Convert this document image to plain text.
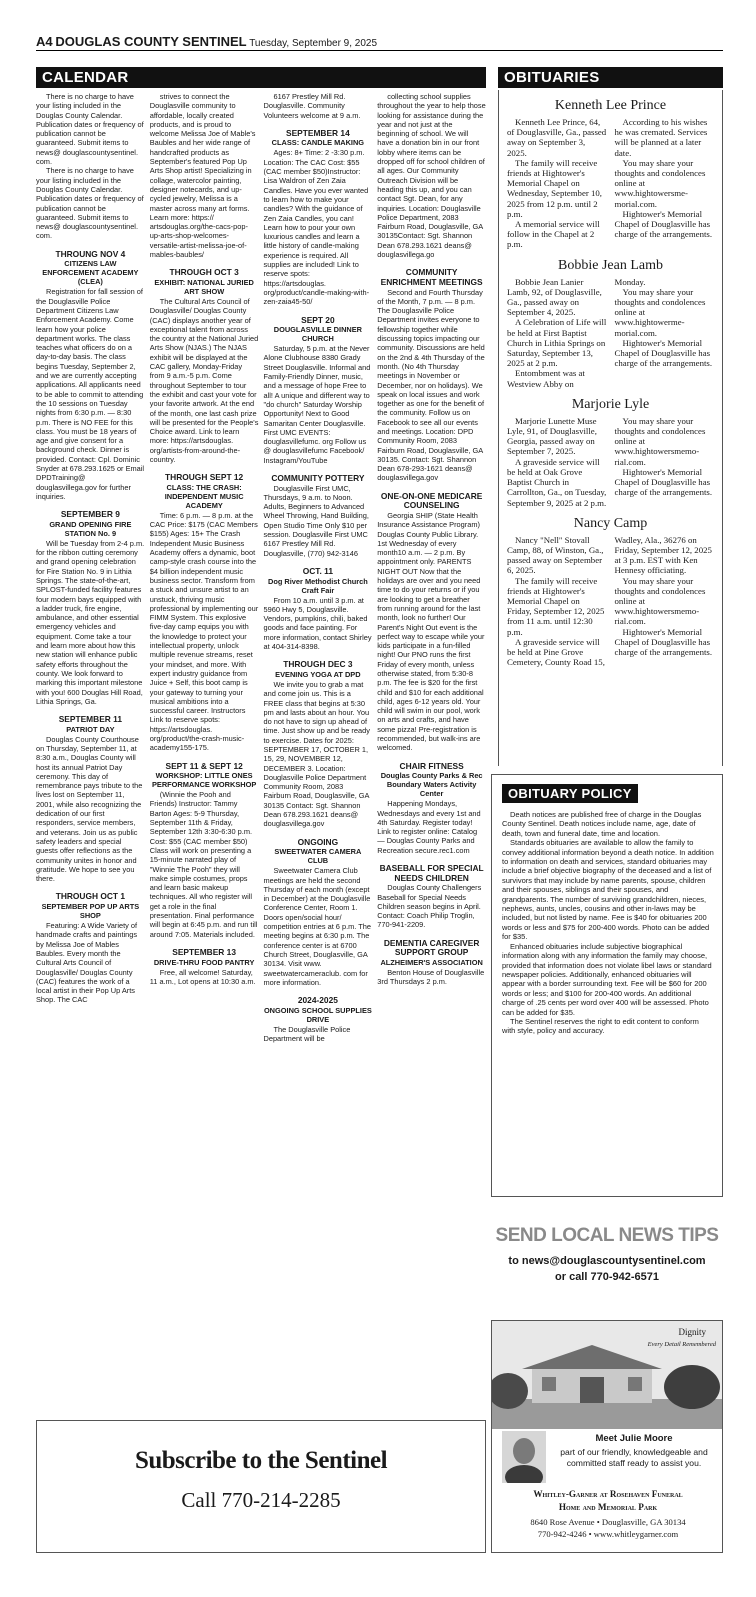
A4 DOUGLAS COUNTY SENTINEL Tuesday, September 9, 2025
CALENDAR

There is no charge to have your listing included in the Douglas County Calendar. Publication dates or frequency of publication cannot be guaranteed. Submit items to news@ douglascountysentinel. com.

There is no charge to have your listing included in the Douglas County Calendar. Publication dates or frequency of publication cannot be guaranteed. Submit items to news@ douglascountysentinel. com.

THROUNG NOV 4
CITIZENS LAW ENFORCEMENT ACADEMY (CLEA)

Registration for fall session of the Douglasville Police Department Citizens Law Enforcement Academy. Come learn how your police department works. The class teaches what officers do on a day-to-day basis. The class begins Tuesday, September 2, and we are currently accepting applications. All applicants need to be able to commit to attending the 10 sessions on Tuesday nights from 6:30 p.m. — 8:30 p.m. There is NO FEE for this class. You must be 18 years of age and give consent for a background check. Dinner is provided. Contact: Cpl. Dominic Snyder at 678.293.1625 or Email DPDTraining@ douglasvillega.gov for further inquiries.

SEPTEMBER 9
GRAND OPENING FIRE STATION No. 9

Will be Tuesday from 2-4 p.m. for the ribbon cutting ceremony and grand opening celebration for Fire Station No. 9 in Lithia Springs. The state-of-the-art, SPLOST-funded facility features four modern bays equipped with a ladder truck, fire engine, ambulance, and other essential emergency vehicles and equipment. Come take a tour and learn more about how this new station will enhance public safety efforts throughout the county. We look forward to marking this important milestone with you! 600 Douglas Hill Road, Lithia Springs, Ga.

SEPTEMBER 11
PATRIOT DAY

Douglas County Courthouse on Thursday, September 11, at 8:30 a.m., Douglas County will host its annual Patriot Day ceremony. This day of remembrance pays tribute to the lives lost on September 11, 2001, while also recognizing the dedication of our first responders, service members, and veterans. Join us as public safety leaders and special guests offer reflections as the community unites in honor and gratitude. We hope to see you there.

THROUGH OCT 1
SEPTEMBER POP UP ARTS SHOP

Featuring: A Wide Variety of handmade crafts and paintings by Melissa Joe of Mables Baubles. Every month the Cultural Arts Council of Douglasville/ Douglas County (CAC) features the work of a local artist in their Pop Up Arts Shop. The CAC

strives to connect the Douglasville community to affordable, locally created products, and is proud to welcome Melissa Joe of Mable's Baubles and her wide range of handcrafted products as September's featured Pop Up Arts Shop artist! Specializing in collage, watercolor painting, designer notecards, and up-cycled jewelry, Melissa is a master across many art forms. Learn more: https:// artsdouglas.org/the-cacs-pop-up-arts-shop-welcomes-versatile-artist-melissa-joe-of-mables-baubles/

THROUGH OCT 3
EXHIBIT: NATIONAL JURIED ART SHOW

The Cultural Arts Council of Douglasville/ Douglas County (CAC) displays another year of exceptional talent from across the country at the National Juried Arts Show (NJAS.) The NJAS exhibit will be displayed at the CAC gallery, Monday-Friday from 9 a.m.-5 p.m. Come throughout September to tour the exhibit and cast your vote for your favorite artwork. At the end of the month, one last cash prize will be presented for the People's Choice award. Link to learn more: https://artsdouglas. org/artists-from-around-the-country.

THROUGH SEPT 12
CLASS: THE CRASH: INDEPENDENT MUSIC ACADEMY

Time: 6 p.m. — 8 p.m. at the CAC Price: $175 (CAC Members $155) Ages: 15+ The Crash Independent Music Business Academy offers a dynamic, boot camp-style crash course into the $4 billion independent music business sector. Transform from a stuck and unsure artist to an unstuck, thriving music professional by implementing our FIMM System. This explosive five-day camp equips you with the knowledge to protect your intellectual property, unlock multiple revenue streams, reset your mindset, and more. With expert industry guidance from Juice + Self, this boot camp is your gateway to turning your musical ambitions into a successful career. Instructors Link to reserve spots: https://artsdouglas. org/product/the-crash-music-academy155-175.

SEPT 11 & SEPT 12
WORKSHOP: LITTLE ONES PERFORMANCE WORKSHOP

(Winnie the Pooh and Friends) Instructor: Tammy Barton Ages: 5-9 Thursday, September 11th & Friday, September 12th 3:30-6:30 p.m. Cost: $55 (CAC member $50) Class will work on presenting a 15-minute narrated play of "Winnie The Pooh" they will make simple costumes, props and learn basic makeup techniques. All who register will get a role in the final presentation. Final performance will begin at 6:45 p.m. and run till around 7:05. Materials included.

SEPTEMBER 13
DRIVE-THRU FOOD PANTRY

Free, all welcome! Saturday, 11 a.m., Lot opens at 10:30 a.m.

6167 Prestley Mill Rd. Douglasville. Community Volunteers welcome at 9 a.m.

SEPTEMBER 14
CLASS: CANDLE MAKING

Ages: 8+ Time: 2 -3:30 p.m. Location: The CAC Cost: $55 (CAC member $50)Instructor: Lisa Waldron of Zen Zaia Candles. Have you ever wanted to learn how to make your candles? With the guidance of Zen Zaia Candles, you can! Learn how to pour your own luxurious candles and learn a little history of candle-making experience is required. All supplies are included! Link to reserve spots: https://artsdouglas. org/product/candle-making-with-zen-zaia45-50/

SEPT 20
DOUGLASVILLE DINNER CHURCH

Saturday, 5 p.m. at the Never Alone Clubhouse 8380 Grady Street Douglasville. Informal and Family-Friendly Dinner, music, and a message of hope Free to all! A unique and different way to "do church" Saturday Worship Opportunity! Next to Good Samaritan Center Douglasville. First UMC EVENTS: douglasvillefumc. org Follow us @ douglasvillefumc Facebook/ Instagram/YouTube

COMMUNITY POTTERY

Douglasville First UMC, Thursdays, 9 a.m. to Noon. Adults, Beginners to Advanced Wheel Throwing, Hand Building, Open Studio Time Only $10 per session. Douglasville First UMC 6167 Prestley Mill Rd. Douglasville, (770) 942-3146

OCT. 11
Dog River Methodist Church Craft Fair

From 10 a.m. until 3 p.m. at 5960 Hwy 5, Douglasville. Vendors, pumpkins, chili, baked goods and face painting. For more information, contact Shirley at 404-314-8398.

THROUGH DEC 3
EVENING YOGA AT DPD

We invite you to grab a mat and come join us. This is a FREE class that begins at 5:30 pm and lasts about an hour. You do not have to sign up ahead of time. Just show up and be ready to exercise. Dates for 2025: SEPTEMBER 17, OCTOBER 1, 15, 29, NOVEMBER 12, DECEMBER 3. Location: Douglasville Police Department Community Room, 2083 Fairburn Road, Douglasville, GA 30135 Contact: Sgt. Shannon Dean 678.293.1621 deans@ douglasvillega.gov

ONGOING
SWEETWATER CAMERA CLUB

Sweetwater Camera Club meetings are held the second Thursday of each month (except in December) at the Douglasville Conference Center, Room 1. Doors open/social hour/ competition entries at 6 p.m. The meeting begins at 6:30 p.m. The conference center is at 6700 Church Street, Douglasville, GA 30134. Visit www. sweetwatercameraclub. com for more information.

2024-2025
ONGOING SCHOOL SUPPLIES DRIVE

The Douglasville Police Department will be

collecting school supplies throughout the year to help those looking for assistance during the year and not just at the beginning of school. We will have a donation bin in our front lobby where items can be dropped off for school children of all ages. Our Community Outreach Division will be heading this up, and you can contact Sgt. Dean, for any inquiries. Location: Douglasville Police Department, 2083 Fairburn Road, Douglasville, GA 30135Contact: Sgt. Shannon Dean 678.293.1621 deans@ douglasvillega.go

COMMUNITY ENRICHMENT MEETINGS

Second and Fourth Thursday of the Month, 7 p.m. — 8 p.m. The Douglasville Police Department invites everyone to fellowship together while discussing topics impacting our community. Discussions are held on the 2nd & 4th Thursday of the month. (No 4th Thursday meetings in November or December, nor on holidays). We speak on local issues and work together as one for the benefit of the community. Follow us on Facebook to see all our events and meetings. Location: DPD Community Room, 2083 Fairburn Road, Douglasville, GA 30135. Contact: Sgt. Shannon Dean 678-293-1621 deans@ douglasvillega.gov

ONE-ON-ONE MEDICARE COUNSELING

Georgia SHIP (State Health Insurance Assistance Program) Douglas County Public Library. 1st Wednesday of every month10 a.m. — 2 p.m. By appointment only. PARENTS NIGHT OUT Now that the holidays are over and you need time to do your returns or if you are looking to get a breather from running around for the last month, look no further! Our Parent's Night Out event is the perfect way to escape while your kids participate in a fun-filled night! Our PNO runs the first Friday of every month, unless otherwise stated, from 5:30-8 p.m. The fee is $20 for the first child and $10 for each additional child, ages 6-12 years old. Your child will swim in our pool, work on arts and crafts, and have some pizza! Pre-registration is recommended, but walk-ins are welcomed.

CHAIR FITNESS
Douglas County Parks & Rec Boundary Waters Activity Center

Happening Mondays, Wednesdays and every 1st and 4th Saturday. Register today! Link to register online: Catalog — Douglas County Parks and Recreation secure.rec1.com

BASEBALL FOR SPECIAL NEEDS CHILDREN

Douglas County Challengers Baseball for Special Needs Children season begins in April. Contact: Coach Philip Troglin, 770-941-2209.

DEMENTIA CAREGIVER SUPPORT GROUP
ALZHEIMER'S ASSOCIATION

Benton House of Douglasville 3rd Thursdays 2 p.m.

OBITUARIES
Kenneth Lee Prince

Kenneth Lee Prince, 64, of Douglasville, Ga., passed away on September 3, 2025.

The family will receive friends at Hightower's Memorial Chapel on Wednesday, September 10, 2025 from 12 p.m. until 2 p.m.

A memorial service will follow in the Chapel at 2 p.m.

According to his wishes he was cremated. Services will be planned at a later date.

You may share your thoughts and condolences online at www.hightowersme-morial.com.

Hightower's Memorial Chapel of Douglasville has charge of the arrangements.

Bobbie Jean Lamb

Bobbie Jean Lanier Lamb, 92, of Douglasville, Ga., passed away on September 4, 2025.

A Celebration of Life will be held at First Baptist Church in Lithia Springs on Saturday, September 13, 2025 at 2 p.m.

Entombment was at Westview Abby on Monday.

You may share your thoughts and condolences online at www.hightowerme-morial.com.

Hightower's Memorial Chapel of Douglasville has charge of the arrangements.

Marjorie Lyle

Marjorie Lunette Muse Lyle, 91, of Douglasville, Georgia, passed away on September 7, 2025.

A graveside service will be held at Oak Grove Baptist Church in Carrollton, Ga., on Tuesday, September 9, 2025 at 2 p.m.

You may share your thoughts and condolences online at www.hightowersmemo-rial.com.

Hightower's Memorial Chapel of Douglasville has charge of the arrangements.

Nancy Camp

Nancy "Nell" Stovall Camp, 88, of Winston, Ga., passed away on September 6, 2025.

The family will receive friends at Hightower's Memorial Chapel on Friday, September 12, 2025 from 11 a.m. until 12:30 p.m.

A graveside service will be held at Pine Grove Cemetery, County Road 15, Wadley, Ala., 36276 on Friday, September 12, 2025 at 3 p.m. EST with Ken Hennesy officiating.

You may share your thoughts and condolences online at www.hightowersmemo-rial.com.

Hightower's Memorial Chapel of Douglasville has charge of the arrangements.

OBITUARY POLICY

Death notices are published free of charge in the Douglas County Sentinel. Death notices include name, age, date of death, town and funeral date, time and location.

Standards obituaries are available to allow the family to convey additional information beyond a death notice. In addition to information on death and services, standard obituaries may include a brief objective biography of the deceased and a list of survivors that may include by name parents, spouse, children and their spouses, siblings and their spouses, and grandparents. The number of surviving grandchildren, nieces, nephews, aunts, uncles, cousins and other in-laws may be included, but not listed by name. Fee is $40 for obituaries 200 words or less and $75 for 200-400 words. Photo can be added for $35.

Enhanced obituaries include subjective biographical information along with any information the family may choose, provided that information does not violate libel laws or standard newspaper policies. Additionally, enhanced obituaries will appear with a border surrounding text. Fee will be $60 for 200 words or less; and $100 for 200-400 words. An additional charge of .25 cents per word over 400 will be assessed. Photo can be added for $35.

The Sentinel reserves the right to edit content to conform with style, policy and accuracy.

SEND LOCAL NEWS TIPS
to news@douglascountysentinel.com
or call 770-942-6571
Dignity
Every Detail Remembered
Meet Julie Moore
part of our friendly, knowledgeable and committed staff ready to assist you.
Whitley-Garner at Rosehaven Funeral
Home and Memorial Park
8640 Rose Avenue • Douglasville, GA 30134
770-942-4246 • www.whitleygarner.com
Subscribe to the Sentinel
Call 770-214-2285
